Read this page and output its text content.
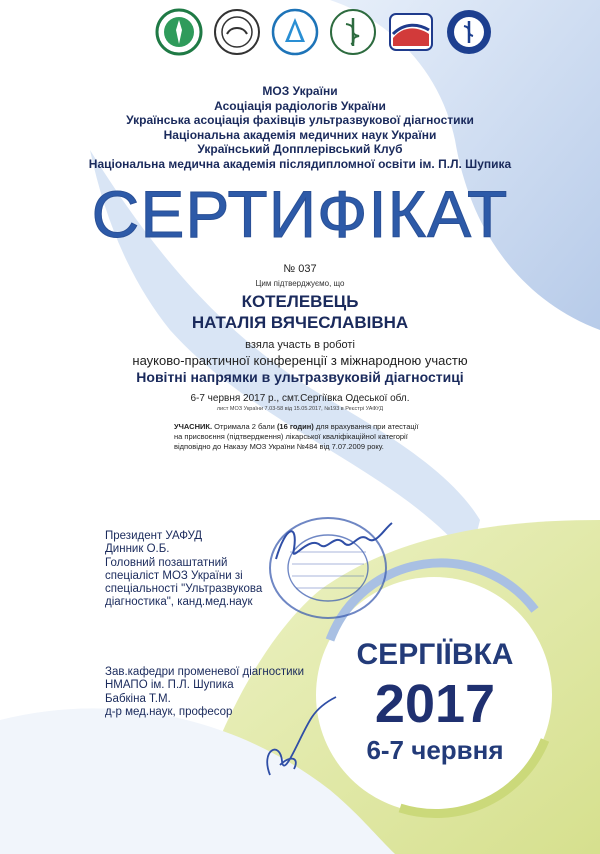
МОЗ України
Асоціація радіологів України
Українська асоціація фахівців ультразвукової діагностики
Національна академія медичних наук України
Український Допплерівський Клуб
Національна медична академія післядипломної освіти ім. П.Л. Шупика
СЕРТИФІКАТ
№ 037
Цим підтверджуємо, що
КОТЕЛЕВЕЦЬ
НАТАЛІЯ ВЯЧЕСЛАВІВНА
взяла участь в роботі
науково-практичної конференції з міжнародною участю
Новітні напрямки в ультразвуковій діагностиці
6-7 червня 2017 р., смт.Сергіївка Одеської обл.
лист МОЗ України 7.03-58 від 15.05.2017, №193 в Реєстрі УАФУД
УЧАСНИК. Отримала 2 бали (16 годин) для врахування при атестації
на присвоєння (підтвердження) лікарської кваліфікаційної категорії
відповідно до Наказу МОЗ України №484 від 7.07.2009 року.
Президент УАФУД
Динник О.Б.
Головний позаштатний
спеціаліст МОЗ України зі
спеціальності "Ультразвукова
діагностика", канд.мед.наук
Зав.кафедри променевої діагностики
НМАПО ім. П.Л. Шупика
Бабкіна Т.М.
д-р мед.наук, професор
СЕРГІЇВКА
2017
6-7 червня
